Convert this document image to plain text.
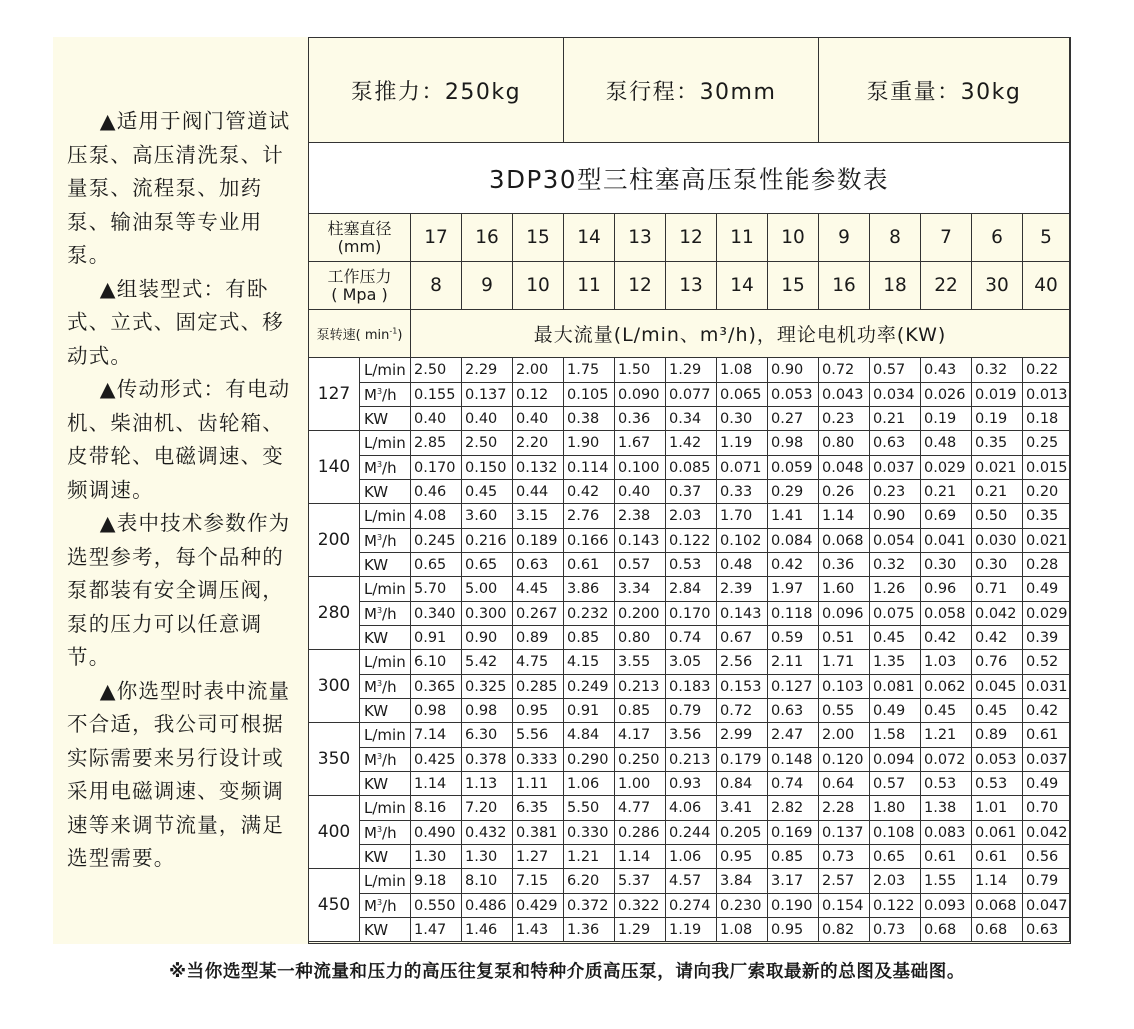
▲适用于阀门管道试压泵、高压清洗泵、计量泵、流程泵、加药泵、输油泵等专业用泵。

▲组装型式：有卧式、立式、固定式、移动式。

▲传动形式：有电动机、柴油机、齿轮箱、皮带轮、电磁调速、变频调速。

▲表中技术参数作为选型参考，每个品种的泵都装有安全调压阀，泵的压力可以任意调节。

▲你选型时表中流量不合适，我公司可根据实际需要来另行设计或采用电磁调速、变频调速等来调节流量，满足选型需要。

泵推力：250kg					泵行程：30mm					泵重量：30kg				
3DP30型三柱塞高压泵性能参数表														
柱塞直径
(mm)		17	16	15	14	13	12	11	10	9	8	7	6	5
工作压力
( Mpa )		8	9	10	11	12	13	14	15	16	18	22	30	40
泵转速( $\min^{-1}$)		最大流量(L/min、m³/h)，理论电机功率(KW)												
127	L/min	2.50	2.29	2.00	1.75	1.50	1.29	1.08	0.90	0.72	0.57	0.43	0.32	0.22
	$M^3/h$	0.155	0.137	0.12	0.105	0.090	0.077	0.065	0.053	0.043	0.034	0.026	0.019	0.013
	KW	0.40	0.40	0.40	0.38	0.36	0.34	0.30	0.27	0.23	0.21	0.19	0.19	0.18
140	L/min	2.85	2.50	2.20	1.90	1.67	1.42	1.19	0.98	0.80	0.63	0.48	0.35	0.25
	$M^3/h$	0.170	0.150	0.132	0.114	0.100	0.085	0.071	0.059	0.048	0.037	0.029	0.021	0.015
	KW	0.46	0.45	0.44	0.42	0.40	0.37	0.33	0.29	0.26	0.23	0.21	0.21	0.20
200	L/min	4.08	3.60	3.15	2.76	2.38	2.03	1.70	1.41	1.14	0.90	0.69	0.50	0.35
	$M^3/h$	0.245	0.216	0.189	0.166	0.143	0.122	0.102	0.084	0.068	0.054	0.041	0.030	0.021
	KW	0.65	0.65	0.63	0.61	0.57	0.53	0.48	0.42	0.36	0.32	0.30	0.30	0.28
280	L/min	5.70	5.00	4.45	3.86	3.34	2.84	2.39	1.97	1.60	1.26	0.96	0.71	0.49
	$M^3/h$	0.340	0.300	0.267	0.232	0.200	0.170	0.143	0.118	0.096	0.075	0.058	0.042	0.029
	KW	0.91	0.90	0.89	0.85	0.80	0.74	0.67	0.59	0.51	0.45	0.42	0.42	0.39
300	L/min	6.10	5.42	4.75	4.15	3.55	3.05	2.56	2.11	1.71	1.35	1.03	0.76	0.52
	$M^3/h$	0.365	0.325	0.285	0.249	0.213	0.183	0.153	0.127	0.103	0.081	0.062	0.045	0.031
	KW	0.98	0.98	0.95	0.91	0.85	0.79	0.72	0.63	0.55	0.49	0.45	0.45	0.42
350	L/min	7.14	6.30	5.56	4.84	4.17	3.56	2.99	2.47	2.00	1.58	1.21	0.89	0.61
	$M^3/h$	0.425	0.378	0.333	0.290	0.250	0.213	0.179	0.148	0.120	0.094	0.072	0.053	0.037
	KW	1.14	1.13	1.11	1.06	1.00	0.93	0.84	0.74	0.64	0.57	0.53	0.53	0.49
400	L/min	8.16	7.20	6.35	5.50	4.77	4.06	3.41	2.82	2.28	1.80	1.38	1.01	0.70
	$M^3/h$	0.490	0.432	0.381	0.330	0.286	0.244	0.205	0.169	0.137	0.108	0.083	0.061	0.042
	KW	1.30	1.30	1.27	1.21	1.14	1.06	0.95	0.85	0.73	0.65	0.61	0.61	0.56
450	L/min	9.18	8.10	7.15	6.20	5.37	4.57	3.84	3.17	2.57	2.03	1.55	1.14	0.79
	$M^3/h$	0.550	0.486	0.429	0.372	0.322	0.274	0.230	0.190	0.154	0.122	0.093	0.068	0.047
	KW	1.47	1.46	1.43	1.36	1.29	1.19	1.08	0.95	0.82	0.73	0.68	0.68	0.63
※当你选型某一种流量和压力的高压往复泵和特种介质高压泵，请向我厂索取最新的总图及基础图。
